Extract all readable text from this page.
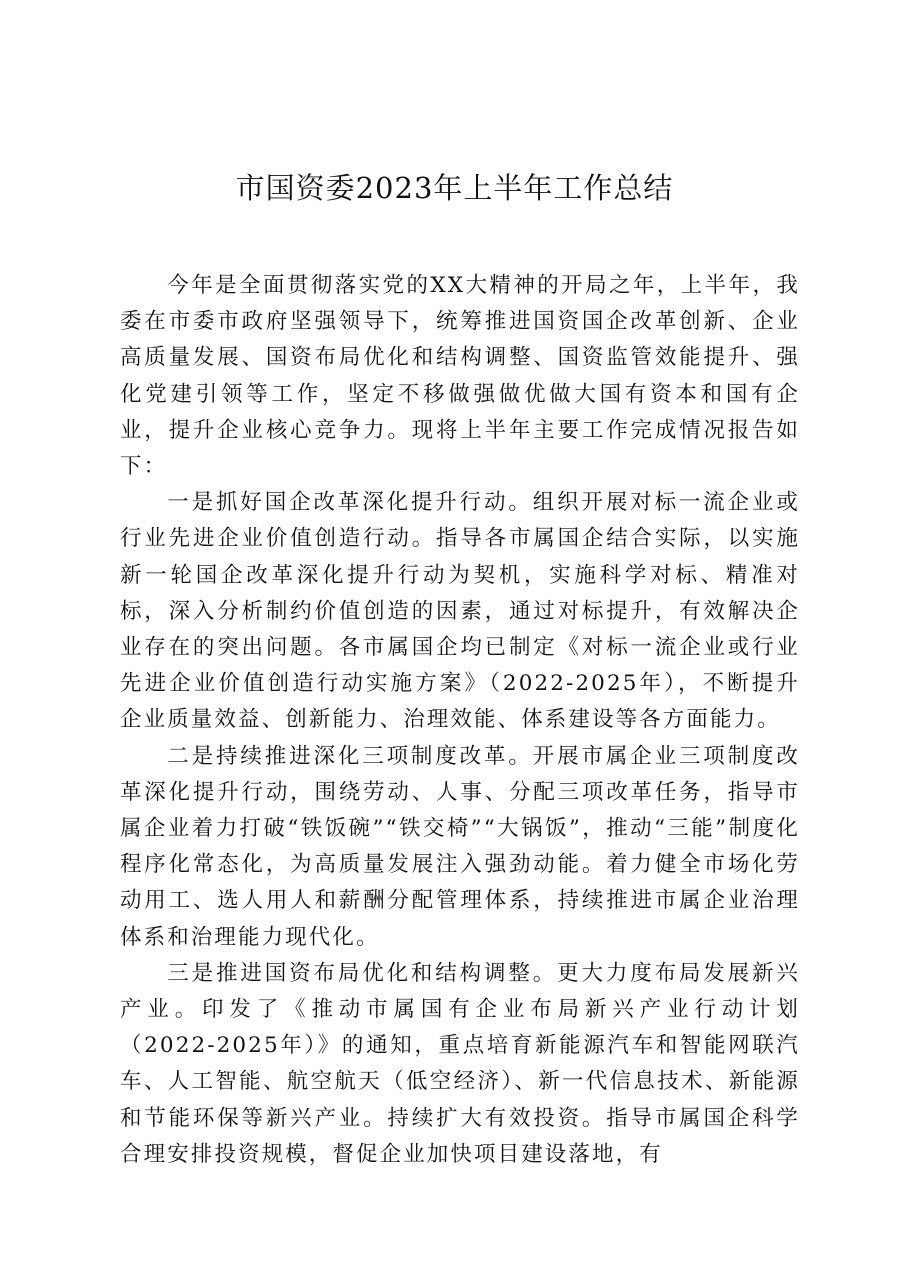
市国资委2023年上半年工作总结

今年是全面贯彻落实党的XX大精神的开局之年，上半年，我委在市委市政府坚强领导下，统筹推进国资国企改革创新、企业高质量发展、国资布局优化和结构调整、国资监管效能提升、强化党建引领等工作，坚定不移做强做优做大国有资本和国有企业，提升企业核心竞争力。现将上半年主要工作完成情况报告如下：

一是抓好国企改革深化提升行动。组织开展对标一流企业或行业先进企业价值创造行动。指导各市属国企结合实际，以实施新一轮国企改革深化提升行动为契机，实施科学对标、精准对标，深入分析制约价值创造的因素，通过对标提升，有效解决企业存在的突出问题。各市属国企均已制定《对标一流企业或行业先进企业价值创造行动实施方案》（2022-2025年），不断提升企业质量效益、创新能力、治理效能、体系建设等各方面能力。

二是持续推进深化三项制度改革。开展市属企业三项制度改革深化提升行动，围绕劳动、人事、分配三项改革任务，指导市属企业着力打破“铁饭碗”“铁交椅”“大锅饭”，推动“三能”制度化程序化常态化，为高质量发展注入强劲动能。着力健全市场化劳动用工、选人用人和薪酬分配管理体系，持续推进市属企业治理体系和治理能力现代化。

三是推进国资布局优化和结构调整。更大力度布局发展新兴产业。印发了《推动市属国有企业布局新兴产业行动计划（2022-2025年）》的通知，重点培育新能源汽车和智能网联汽车、人工智能、航空航天（低空经济）、新一代信息技术、新能源和节能环保等新兴产业。持续扩大有效投资。指导市属国企科学合理安排投资规模，督促企业加快项目建设落地，有
